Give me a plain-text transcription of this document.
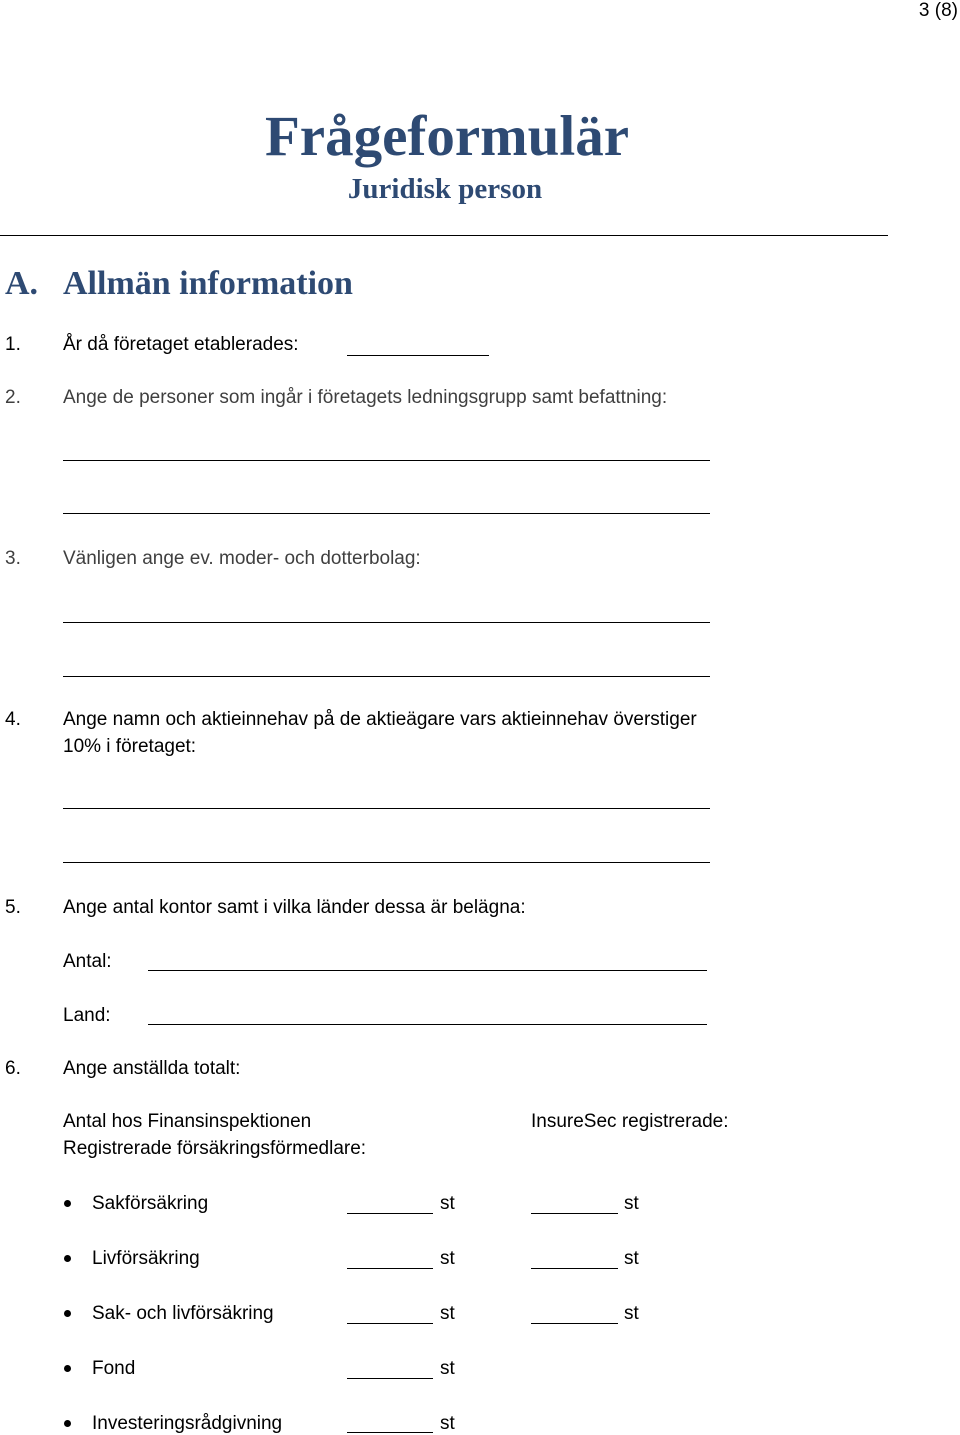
3 (8)
Frågeformulär
Juridisk person
A. Allmän information
1. År då företaget etablerades:
2. Ange de personer som ingår i företagets ledningsgrupp samt befattning:
3. Vänligen ange ev. moder- och dotterbolag:
4. Ange namn och aktieinnehav på de aktieägare vars aktieinnehav överstiger
10% i företaget:
5. Ange antal kontor samt i vilka länder dessa är belägna:
Antal:
Land:
6. Ange anställda totalt:
Antal hos Finansinspektionen
Registrerade försäkringsförmedlare:
InsureSec registrerade:
Sakförsäkring	st	st
Livförsäkring	st	st
Sak- och livförsäkring	st	st
Fond	st
Investeringsrådgivning	st
